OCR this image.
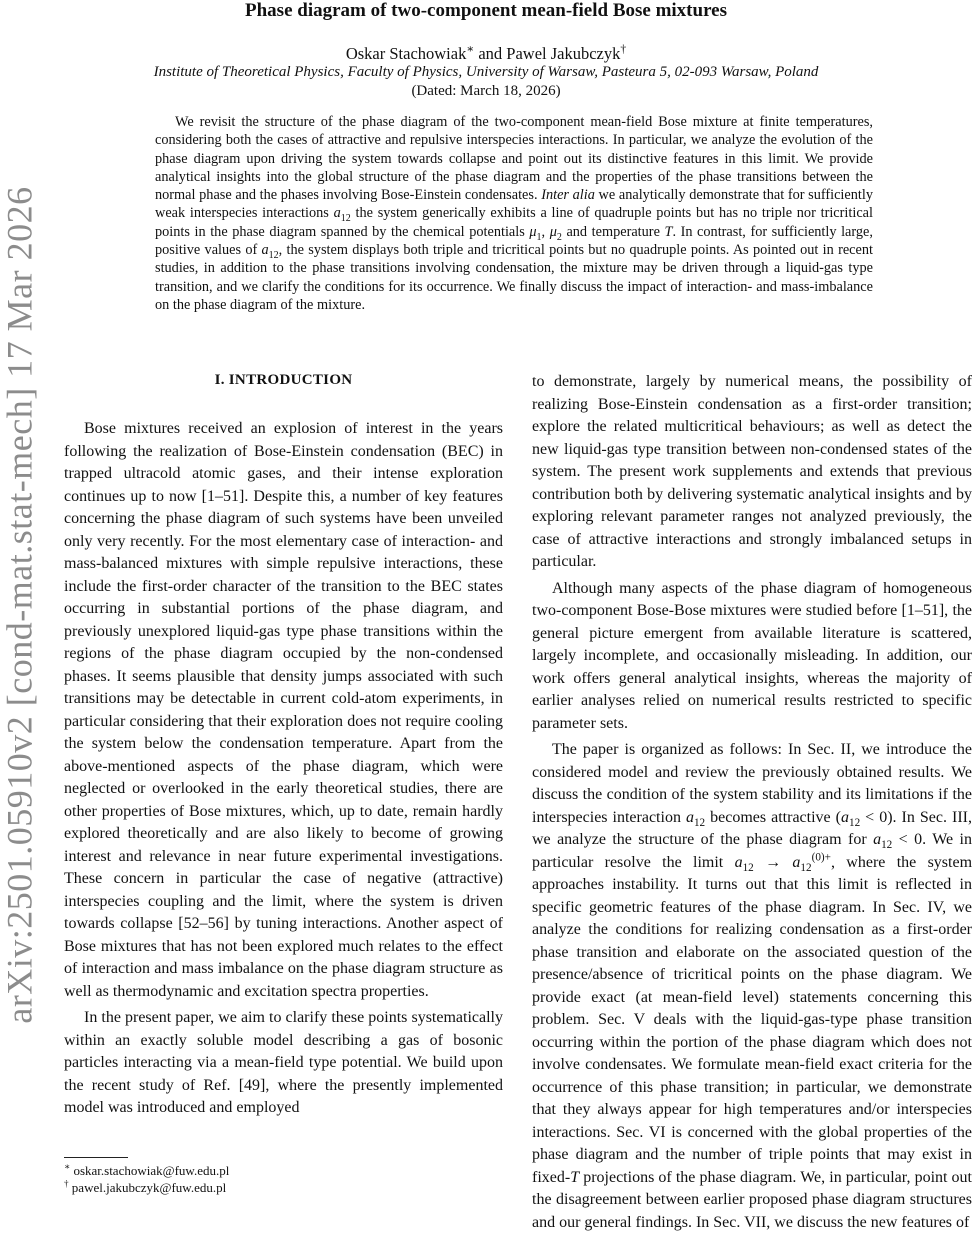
arXiv:2501.05910v2 [cond-mat.stat-mech] 17 Mar 2026
Phase diagram of two-component mean-field Bose mixtures
Oskar Stachowiak∗ and Pawel Jakubczyk†
Institute of Theoretical Physics, Faculty of Physics, University of Warsaw, Pasteura 5, 02-093 Warsaw, Poland
(Dated: March 18, 2026)

We revisit the structure of the phase diagram of the two-component mean-field Bose mixture at finite temperatures, considering both the cases of attractive and repulsive interspecies interactions. In particular, we analyze the evolution of the phase diagram upon driving the system towards collapse and point out its distinctive features in this limit. We provide analytical insights into the global structure of the phase diagram and the properties of the phase transitions between the normal phase and the phases involving Bose-Einstein condensates. Inter alia we analytically demonstrate that for sufficiently weak interspecies interactions $a_{12}$ the system generically exhibits a line of quadruple points but has no triple nor tricritical points in the phase diagram spanned by the chemical potentials $\mu_1$, $\mu_2$ and temperature T. In contrast, for sufficiently large, positive values of $a_{12}$, the system displays both triple and tricritical points but no quadruple points. As pointed out in recent studies, in addition to the phase transitions involving condensation, the mixture may be driven through a liquid-gas type transition, and we clarify the conditions for its occurrence. We finally discuss the impact of interaction- and mass-imbalance on the phase diagram of the mixture.

I. INTRODUCTION

Bose mixtures received an explosion of interest in the years following the realization of Bose-Einstein condensation (BEC) in trapped ultracold atomic gases, and their intense exploration continues up to now [1–51]. Despite this, a number of key features concerning the phase diagram of such systems have been unveiled only very recently. For the most elementary case of interaction- and mass-balanced mixtures with simple repulsive interactions, these include the first-order character of the transition to the BEC states occurring in substantial portions of the phase diagram, and previously unexplored liquid-gas type phase transitions within the regions of the phase diagram occupied by the non-condensed phases. It seems plausible that density jumps associated with such transitions may be detectable in current cold-atom experiments, in particular considering that their exploration does not require cooling the system below the condensation temperature. Apart from the above-mentioned aspects of the phase diagram, which were neglected or overlooked in the early theoretical studies, there are other properties of Bose mixtures, which, up to date, remain hardly explored theoretically and are also likely to become of growing interest and relevance in near future experimental investigations. These concern in particular the case of negative (attractive) interspecies coupling and the limit, where the system is driven towards collapse [52–56] by tuning interactions. Another aspect of Bose mixtures that has not been explored much relates to the effect of interaction and mass imbalance on the phase diagram structure as well as thermodynamic and excitation spectra properties.

In the present paper, we aim to clarify these points systematically within an exactly soluble model describing a gas of bosonic particles interacting via a mean-field type potential. We build upon the recent study of Ref. [49], where the presently implemented model was introduced and employed

to demonstrate, largely by numerical means, the possibility of realizing Bose-Einstein condensation as a first-order transition; explore the related multicritical behaviours; as well as detect the new liquid-gas type transition between non-condensed states of the system. The present work supplements and extends that previous contribution both by delivering systematic analytical insights and by exploring relevant parameter ranges not analyzed previously, the case of attractive interactions and strongly imbalanced setups in particular.

Although many aspects of the phase diagram of homogeneous two-component Bose-Bose mixtures were studied before [1–51], the general picture emergent from available literature is scattered, largely incomplete, and occasionally misleading. In addition, our work offers general analytical insights, whereas the majority of earlier analyses relied on numerical results restricted to specific parameter sets.

The paper is organized as follows: In Sec. II, we introduce the considered model and review the previously obtained results. We discuss the condition of the system stability and its limitations if the interspecies interaction $a_{12}$ becomes attractive $(a_{12} < 0)$. In Sec. III, we analyze the structure of the phase diagram for $a_{12} < 0$. We in particular resolve the limit $a_{12} \to a_{12}^{(0)+}$, where the system approaches instability. It turns out that this limit is reflected in specific geometric features of the phase diagram. In Sec. IV, we analyze the conditions for realizing condensation as a first-order phase transition and elaborate on the associated question of the presence/absence of tricritical points on the phase diagram. We provide exact (at mean-field level) statements concerning this problem. Sec. V deals with the liquid-gas-type phase transition occurring within the portion of the phase diagram which does not involve condensates. We formulate mean-field exact criteria for the occurrence of this phase transition; in particular, we demonstrate that they always appear for high temperatures and/or interspecies interactions. Sec. VI is concerned with the global properties of the phase diagram and the number of triple points that may exist in fixed-T projections of the phase diagram. We, in particular, point out the disagreement between earlier proposed phase diagram structures and our general findings. In Sec. VII, we discuss the new features of

∗ oskar.stachowiak@fuw.edu.pl
† pawel.jakubczyk@fuw.edu.pl
